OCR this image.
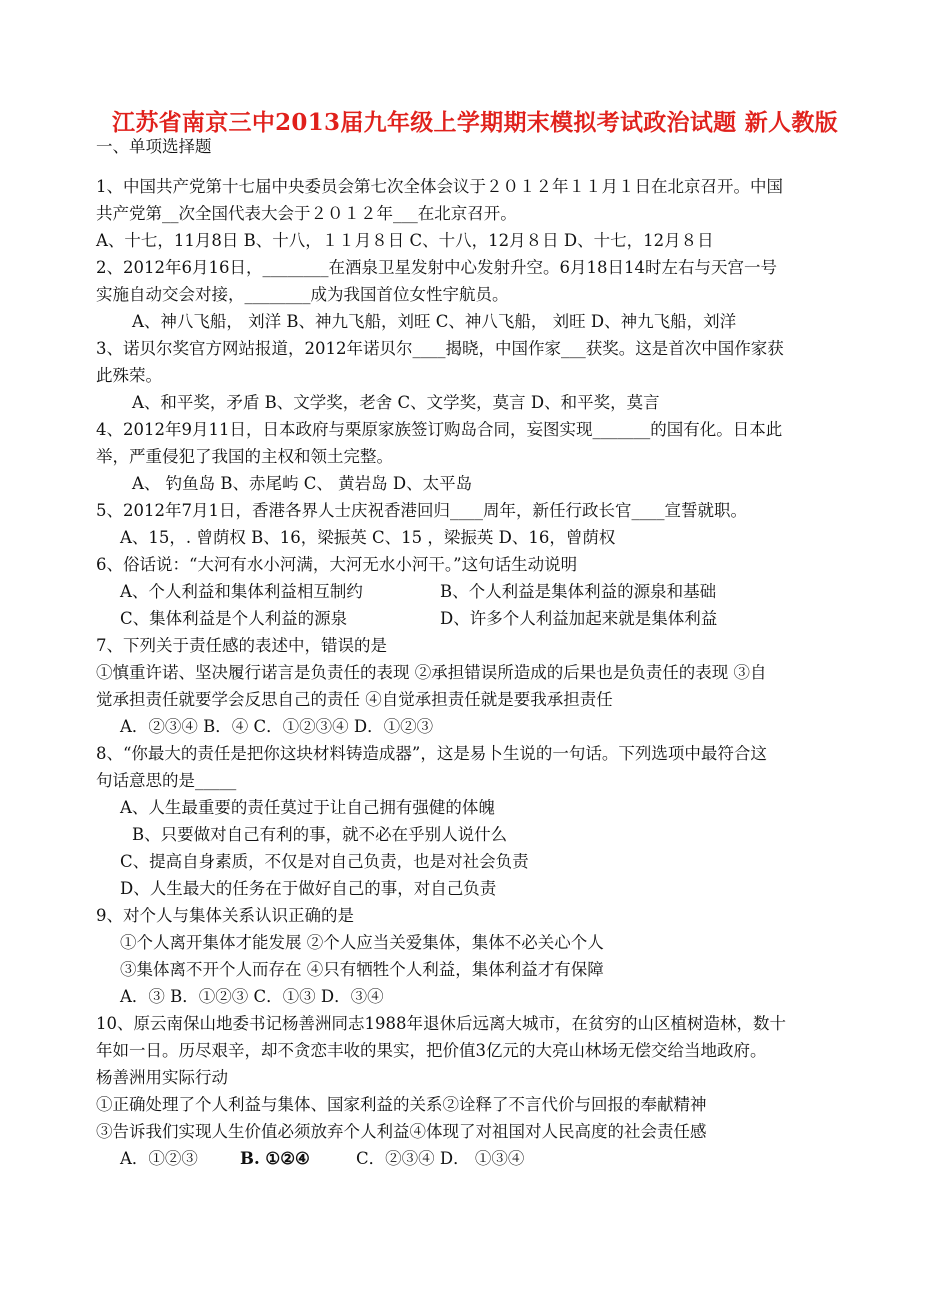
江苏省南京三中2013届九年级上学期期末模拟考试政治试题 新人教版
一、单项选择题
1、中国共产党第十七届中央委员会第七次全体会议于２０１２年１１月１日在北京召开。中国
共产党第__次全国代表大会于２０１２年___在北京召开。
A、十七，11月8日 B、十八，１１月８日 C、十八，12月８日 D、十七，12月８日
2、2012年6月16日，________在酒泉卫星发射中心发射升空。6月18日14时左右与天宫一号
实施自动交会对接，________成为我国首位女性宇航员。
A、神八飞船， 刘洋 B、神九飞船，刘旺 C、神八飞船， 刘旺 D、神九飞船，刘洋
3、诺贝尔奖官方网站报道，2012年诺贝尔____揭晓，中国作家___获奖。这是首次中国作家获
此殊荣。
A、和平奖，矛盾 B、文学奖，老舍 C、文学奖，莫言 D、和平奖，莫言
4、2012年9月11日，日本政府与栗原家族签订购岛合同，妄图实现_______的国有化。日本此
举，严重侵犯了我国的主权和领土完整。
A、 钓鱼岛 B、赤尾屿 C、 黄岩岛 D、太平岛
5、2012年7月1日，香港各界人士庆祝香港回归____周年，新任行政长官____宣誓就职。
A、15，. 曾荫权 B、16，梁振英 C、15 ，梁振英 D、16，曾荫权
6、俗话说：“大河有水小河满，大河无水小河干。”这句话生动说明
A、个人利益和集体利益相互制约	B、个人利益是集体利益的源泉和基础
C、集体利益是个人利益的源泉	D、许多个人利益加起来就是集体利益
7、下列关于责任感的表述中，错误的是
①慎重许诺、坚决履行诺言是负责任的表现 ②承担错误所造成的后果也是负责任的表现 ③自
觉承担责任就要学会反思自己的责任 ④自觉承担责任就是要我承担责任
A．②③④ B．④ C．①②③④ D．①②③
8、“你最大的责任是把你这块材料铸造成器”，这是易卜生说的一句话。下列选项中最符合这
句话意思的是_____
A、人生最重要的责任莫过于让自己拥有强健的体魄
B、只要做对自己有利的事，就不必在乎别人说什么
C、提高自身素质，不仅是对自己负责，也是对社会负责
D、人生最大的任务在于做好自己的事，对自己负责
9、对个人与集体关系认识正确的是
①个人离开集体才能发展 ②个人应当关爱集体，集体不必关心个人
③集体离不开个人而存在 ④只有牺牲个人利益，集体利益才有保障
A．③ B．①②③ C．①③ D．③④
10、原云南保山地委书记杨善洲同志1988年退休后远离大城市，在贫穷的山区植树造林，数十
年如一日。历尽艰辛，却不贪恋丰收的果实，把价值3亿元的大亮山林场无偿交给当地政府。
杨善洲用实际行动
①正确处理了个人利益与集体、国家利益的关系②诠释了不言代价与回报的奉献精神
③告诉我们实现人生价值必须放弃个人利益④体现了对祖国对人民高度的社会责任感
A．①②③	B. ①②④	C．②③④ D． ①③④
